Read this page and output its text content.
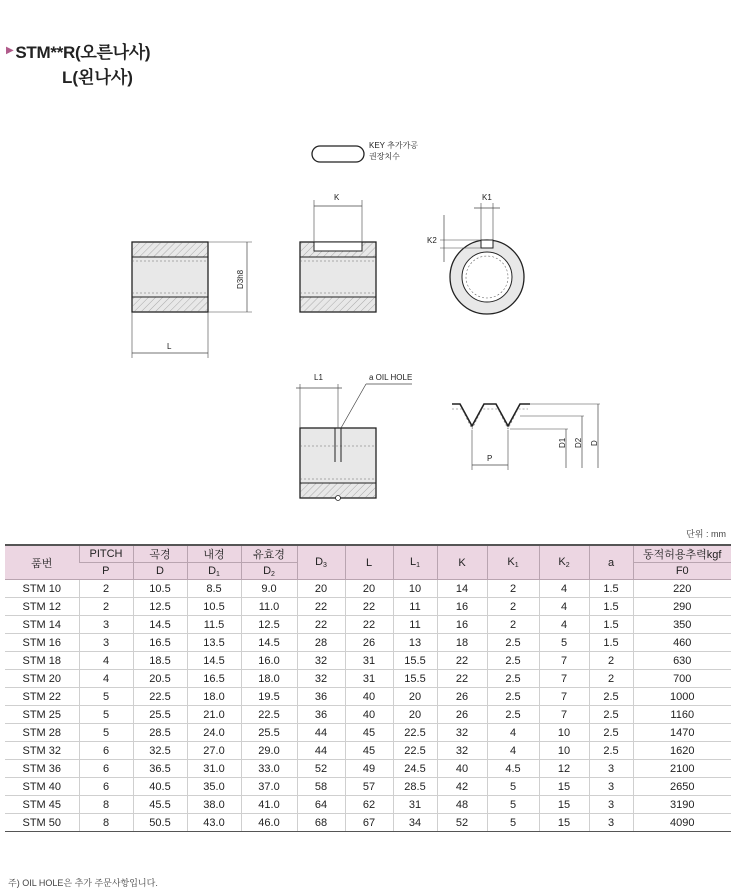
▶ STM**R(오른나사)
L(왼나사)
KEY 추가가공
권장치수
D3h8
L
K	K1
K2
L1	a OIL HOLE
P
D1 D2 D
단위 : mm
품번	PITCH	곡경	내경	유효경	$D_3$	L	$L_1$	K	$K_1$	$K_2$	a	동적허용추력kgf
	P	D	$D_1$	$D_2$								F0
STM 10	2	10.5	8.5	9.0	20	20	10	14	2	4	1.5	220
STM 12	2	12.5	10.5	11.0	22	22	11	16	2	4	1.5	290
STM 14	3	14.5	11.5	12.5	22	22	11	16	2	4	1.5	350
STM 16	3	16.5	13.5	14.5	28	26	13	18	2.5	5	1.5	460
STM 18	4	18.5	14.5	16.0	32	31	15.5	22	2.5	7	2	630
STM 20	4	20.5	16.5	18.0	32	31	15.5	22	2.5	7	2	700
STM 22	5	22.5	18.0	19.5	36	40	20	26	2.5	7	2.5	1000
STM 25	5	25.5	21.0	22.5	36	40	20	26	2.5	7	2.5	1160
STM 28	5	28.5	24.0	25.5	44	45	22.5	32	4	10	2.5	1470
STM 32	6	32.5	27.0	29.0	44	45	22.5	32	4	10	2.5	1620
STM 36	6	36.5	31.0	33.0	52	49	24.5	40	4.5	12	3	2100
STM 40	6	40.5	35.0	37.0	58	57	28.5	42	5	15	3	2650
STM 45	8	45.5	38.0	41.0	64	62	31	48	5	15	3	3190
STM 50	8	50.5	43.0	46.0	68	67	34	52	5	15	3	4090
주) OIL HOLE은 추가 주문사항입니다.
